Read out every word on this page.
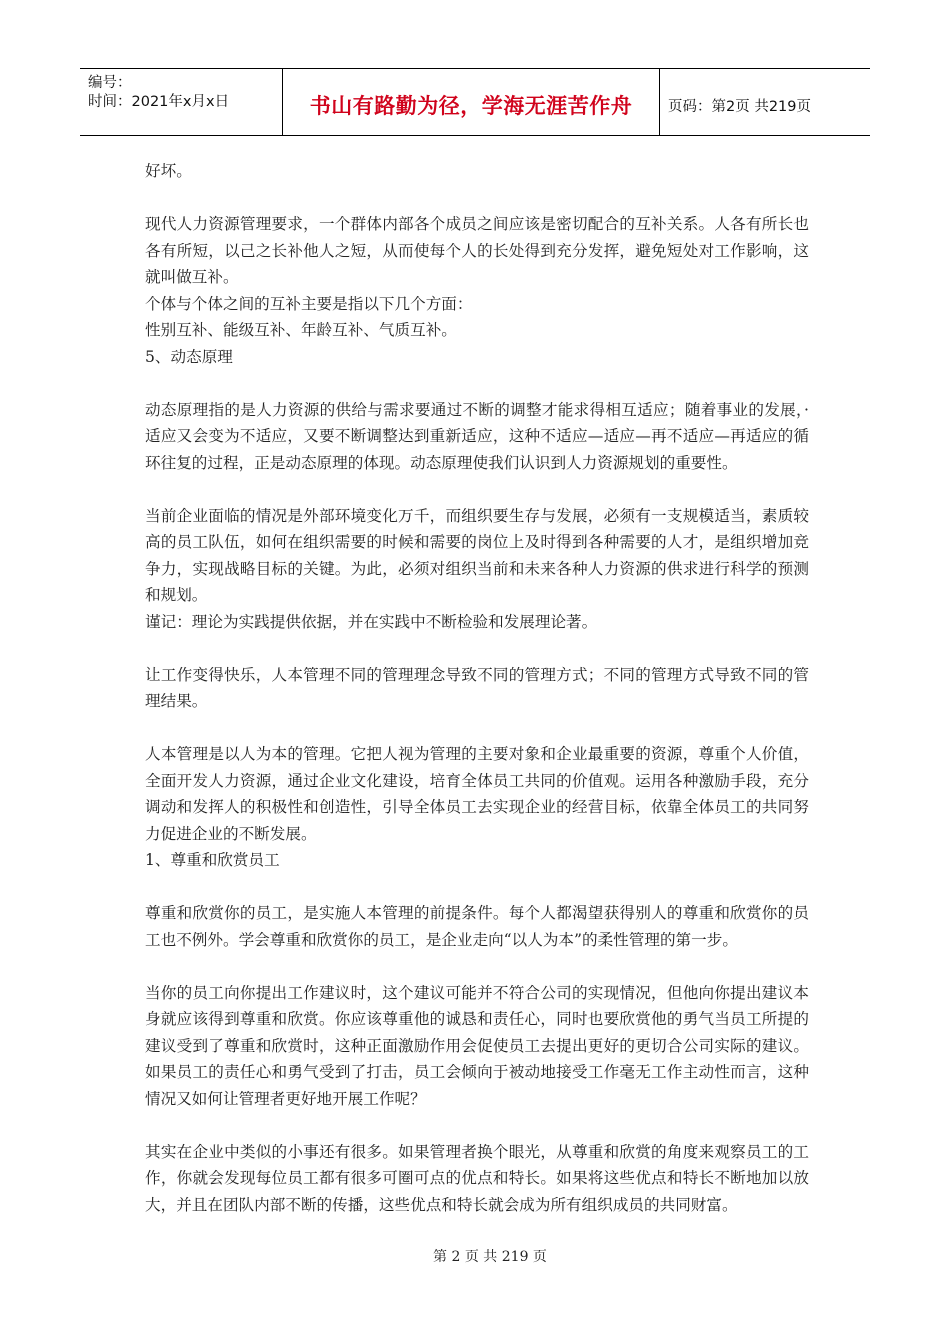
编号：
时间：2021年x月x日	书山有路勤为径，学海无涯苦作舟 页码：第2页 共219页

好坏。

现代人力资源管理要求，一个群体内部各个成员之间应该是密切配合的互补关系。人各有所长也各有所短，以己之长补他人之短，从而使每个人的长处得到充分发挥，避免短处对工作影响，这就叫做互补。

个体与个体之间的互补主要是指以下几个方面：

性别互补、能级互补、年龄互补、气质互补。

5、动态原理

动态原理指的是人力资源的供给与需求要通过不断的调整才能求得相互适应；随着事业的发展，·适应又会变为不适应，又要不断调整达到重新适应，这种不适应—适应—再不适应—再适应的循环往复的过程，正是动态原理的体现。动态原理使我们认识到人力资源规划的重要性。

当前企业面临的情况是外部环境变化万千，而组织要生存与发展，必须有一支规模适当，素质较高的员工队伍，如何在组织需要的时候和需要的岗位上及时得到各种需要的人才，是组织增加竞争力，实现战略目标的关键。为此，必须对组织当前和未来各种人力资源的供求进行科学的预测和规划。

谨记：理论为实践提供依据，并在实践中不断检验和发展理论著。

让工作变得快乐，人本管理不同的管理理念导致不同的管理方式；不同的管理方式导致不同的管理结果。

人本管理是以人为本的管理。它把人视为管理的主要对象和企业最重要的资源，尊重个人价值，全面开发人力资源，通过企业文化建设，培育全体员工共同的价值观。运用各种激励手段，充分调动和发挥人的积极性和创造性，引导全体员工去实现企业的经营目标，依靠全体员工的共同努力促进企业的不断发展。

1、尊重和欣赏员工

尊重和欣赏你的员工，是实施人本管理的前提条件。每个人都渴望获得别人的尊重和欣赏你的员工也不例外。学会尊重和欣赏你的员工，是企业走向“以人为本”的柔性管理的第一步。

当你的员工向你提出工作建议时，这个建议可能并不符合公司的实现情况，但他向你提出建议本身就应该得到尊重和欣赏。你应该尊重他的诚恳和责任心，同时也要欣赏他的勇气当员工所提的建议受到了尊重和欣赏时，这种正面激励作用会促使员工去提出更好的更切合公司实际的建议。如果员工的责任心和勇气受到了打击，员工会倾向于被动地接受工作毫无工作主动性而言，这种情况又如何让管理者更好地开展工作呢？

其实在企业中类似的小事还有很多。如果管理者换个眼光，从尊重和欣赏的角度来观察员工的工作，你就会发现每位员工都有很多可圈可点的优点和特长。如果将这些优点和特长不断地加以放大，并且在团队内部不断的传播，这些优点和特长就会成为所有组织成员的共同财富。

第 2 页 共 219 页
